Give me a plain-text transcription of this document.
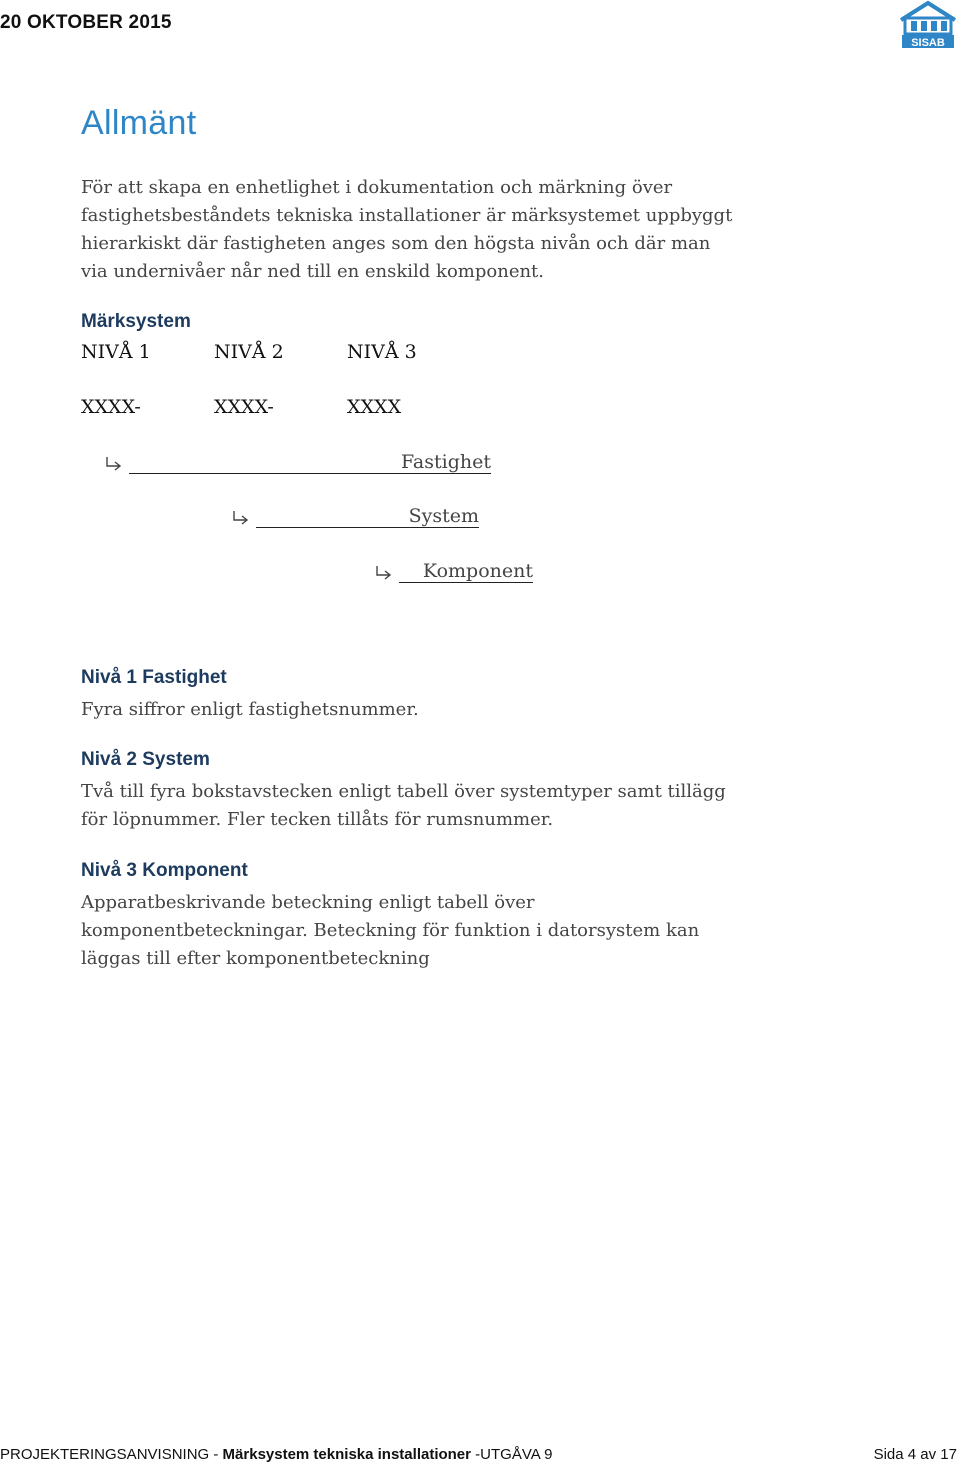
20 OKTOBER 2015
SISAB
Allmänt
För att skapa en enhetlighet i dokumentation och märkning över fastighetsbeståndets tekniska installationer är märksystemet uppbyggt hierarkiskt där fastigheten anges som den högsta nivån och där man via undernivåer når ned till en enskild komponent.
Märksystem
NIVÅ 1	NIVÅ 2	NIVÅ 3
XXXX-	XXXX-	XXXX
Fastighet
System
Komponent
Nivå 1 Fastighet
Fyra siffror enligt fastighetsnummer.
Nivå 2 System
Två till fyra bokstavstecken enligt tabell över systemtyper samt tillägg för löpnummer. Fler tecken tillåts för rumsnummer.
Nivå 3 Komponent
Apparatbeskrivande beteckning enligt tabell över komponentbeteckningar. Beteckning för funktion i datorsystem kan läggas till efter komponentbeteckning
PROJEKTERINGSANVISNING - Märksystem tekniska installationer -UTGÅVA 9	Sida 4 av 17
